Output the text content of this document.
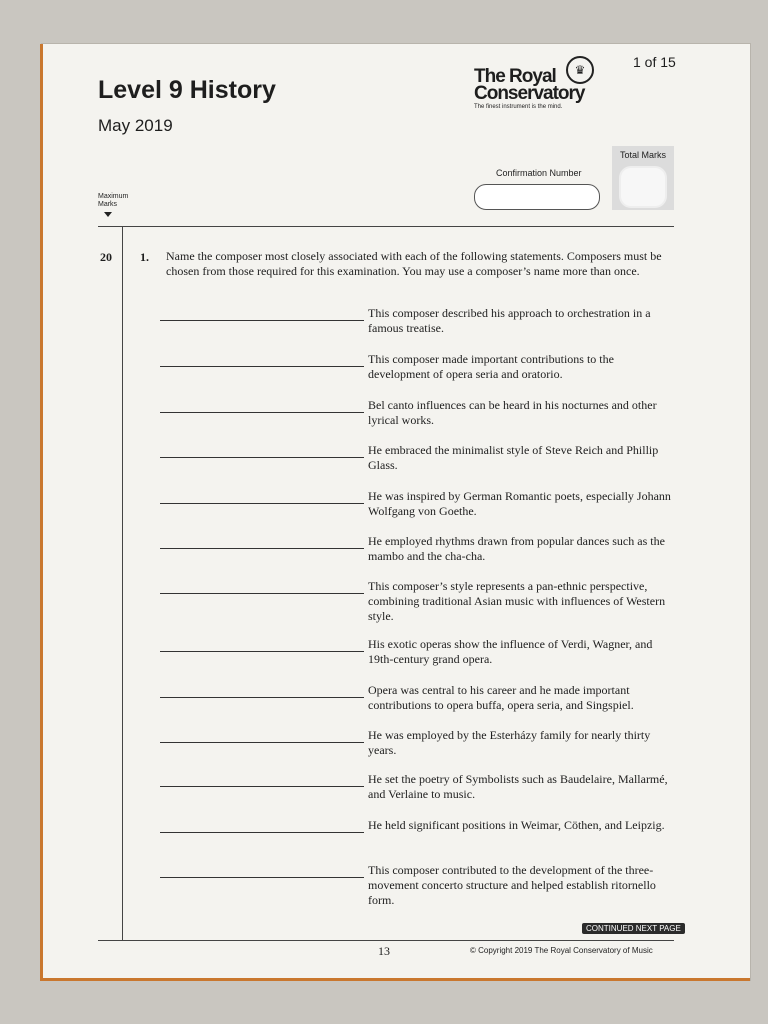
Level 9 History
May 2019
1 of 15
♛
The Royal
Conservatory
The finest instrument is the mind.
Total Marks
Confirmation Number
Maximum Marks
20 1.	Name the composer most closely associated with each of the following statements. Composers must be chosen from those required for this examination. You may use a composer’s name more than once.
This composer described his approach to orchestration in a famous treatise.
This composer made important contributions to the development of opera seria and oratorio.
Bel canto influences can be heard in his nocturnes and other lyrical works.
He embraced the minimalist style of Steve Reich and Phillip Glass.
He was inspired by German Romantic poets, especially Johann Wolfgang von Goethe.
He employed rhythms drawn from popular dances such as the mambo and the cha-cha.
This composer’s style represents a pan-ethnic perspective, combining traditional Asian music with influences of Western style.
His exotic operas show the influence of Verdi, Wagner, and 19th-century grand opera.
Opera was central to his career and he made important contributions to opera buffa, opera seria, and Singspiel.
He was employed by the Esterházy family for nearly thirty years.
He set the poetry of Symbolists such as Baudelaire, Mallarmé, and Verlaine to music.
He held significant positions in Weimar, Cöthen, and Leipzig.
This composer contributed to the development of the three-movement concerto structure and helped establish ritornello form.
CONTINUED NEXT PAGE
13	© Copyright 2019 The Royal Conservatory of Music
